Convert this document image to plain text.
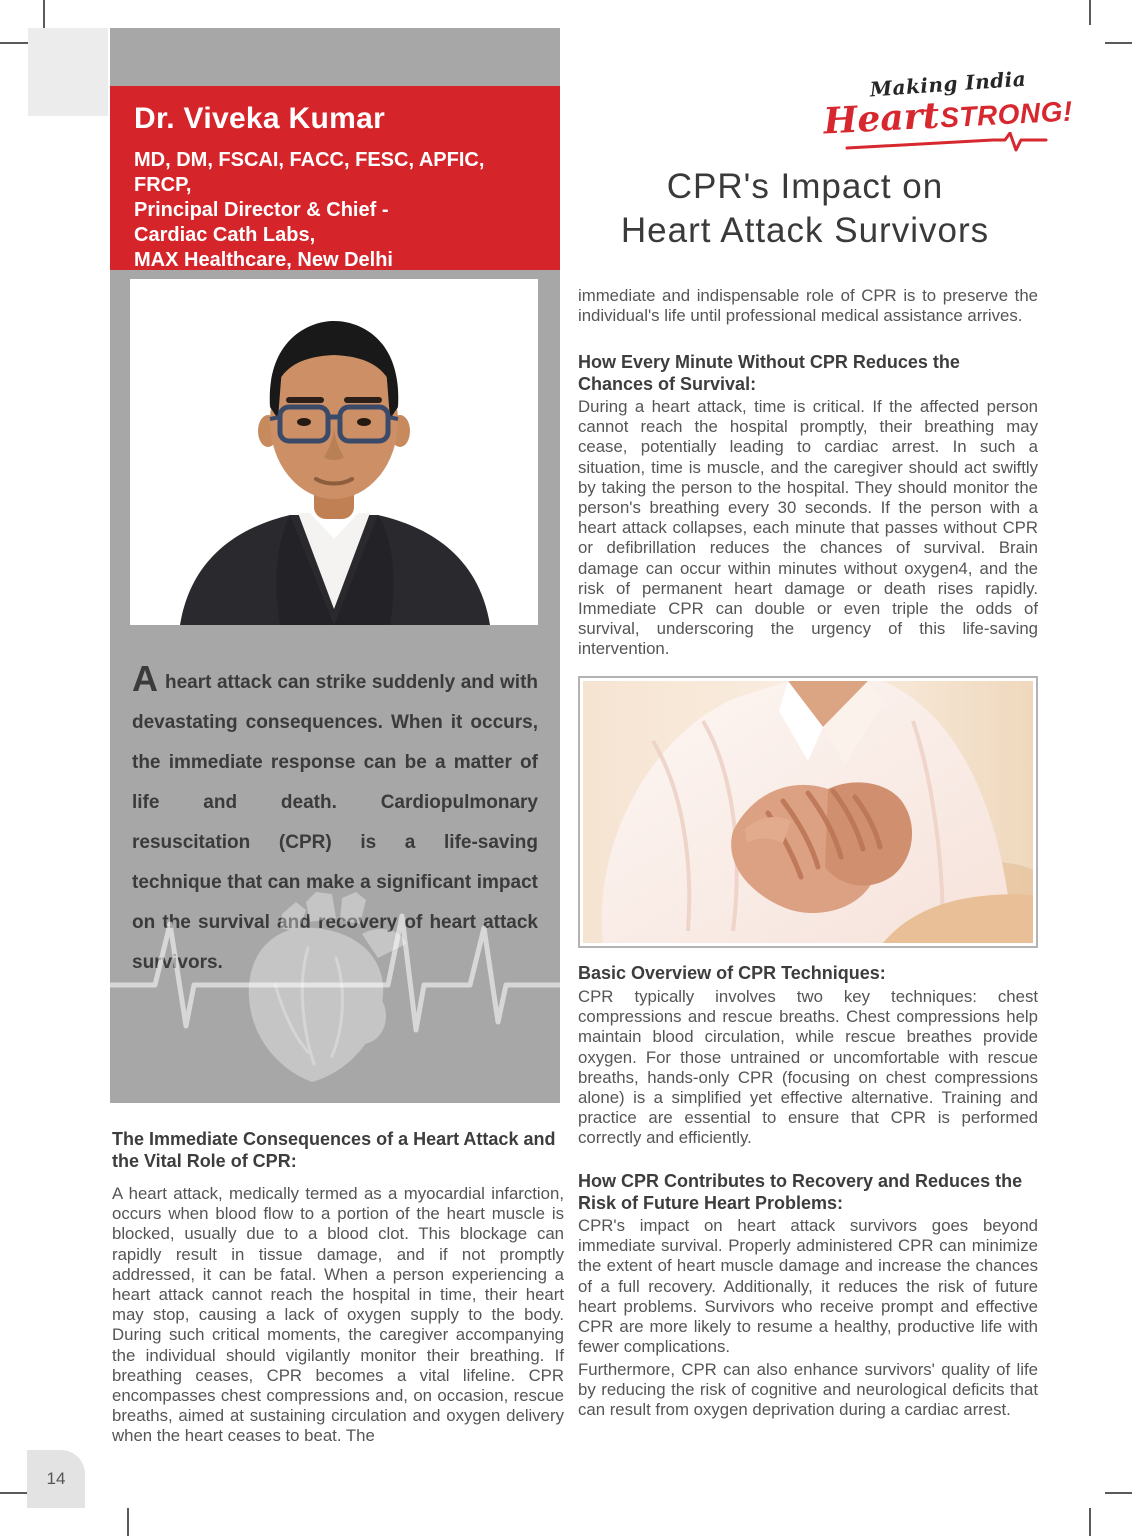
Dr. Viveka Kumar
MD, DM, FSCAI, FACC, FESC, APFIC, FRCP,
Principal Director & Chief -
Cardiac Cath Labs,
MAX Healthcare, New Delhi

Aheart attack can strike suddenly and with devastating consequences. When it occurs, the immediate response can be a matter of life and death. Cardiopulmonary resuscitation (CPR) is a life-saving technique that can make a significant impact on the survival and recovery of heart attack survivors.

The Immediate Consequences of a Heart Attack and the Vital Role of CPR:
A heart attack, medically termed as a myocardial infarction, occurs when blood flow to a portion of the heart muscle is blocked, usually due to a blood clot. This blockage can rapidly result in tissue damage, and if not promptly addressed, it can be fatal. When a person experiencing a heart attack cannot reach the hospital in time, their heart may stop, causing a lack of oxygen supply to the body. During such critical moments, the caregiver accompanying the individual should vigilantly monitor their breathing. If breathing ceases, CPR becomes a vital lifeline. CPR encompasses chest compressions and, on occasion, rescue breaths, aimed at sustaining circulation and oxygen delivery when the heart ceases to beat. The
14
Making India
Heart STRONG!
CPR's Impact on
Heart Attack Survivors
immediate and indispensable role of CPR is to preserve the individual's life until professional medical assistance arrives.
How Every Minute Without CPR Reduces the Chances of Survival:
During a heart attack, time is critical. If the affected person cannot reach the hospital promptly, their breathing may cease, potentially leading to cardiac arrest. In such a situation, time is muscle, and the caregiver should act swiftly by taking the person to the hospital. They should monitor the person's breathing every 30 seconds. If the person with a heart attack collapses, each minute that passes without CPR or defibrillation reduces the chances of survival. Brain damage can occur within minutes without oxygen4, and the risk of permanent heart damage or death rises rapidly. Immediate CPR can double or even triple the odds of survival, underscoring the urgency of this life-saving intervention.
Basic Overview of CPR Techniques:
CPR typically involves two key techniques: chest compressions and rescue breaths. Chest compressions help maintain blood circulation, while rescue breathes provide oxygen. For those untrained or uncomfortable with rescue breaths, hands-only CPR (focusing on chest compressions alone) is a simplified yet effective alternative. Training and practice are essential to ensure that CPR is performed correctly and efficiently.
How CPR Contributes to Recovery and Reduces the Risk of Future Heart Problems:
CPR's impact on heart attack survivors goes beyond immediate survival. Properly administered CPR can minimize the extent of heart muscle damage and increase the chances of a full recovery. Additionally, it reduces the risk of future heart problems. Survivors who receive prompt and effective CPR are more likely to resume a healthy, productive life with fewer complications.
Furthermore, CPR can also enhance survivors' quality of life by reducing the risk of cognitive and neurological deficits that can result from oxygen deprivation during a cardiac arrest.
